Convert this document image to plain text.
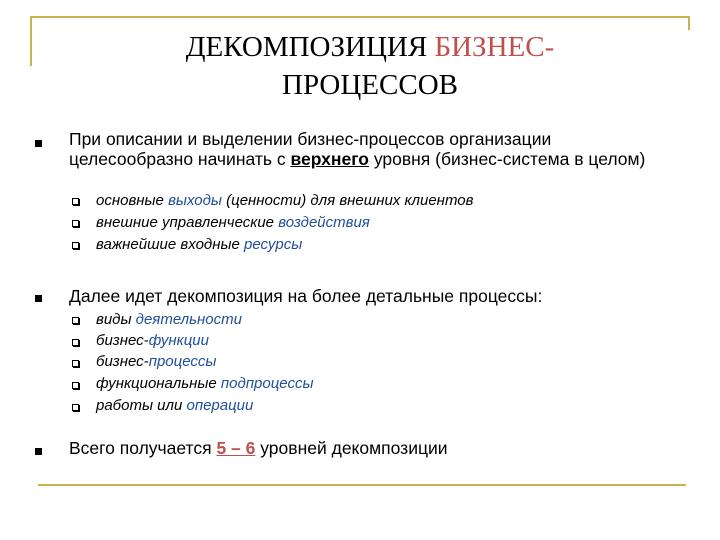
ДЕКОМПОЗИЦИЯ БИЗНЕС-
ПРОЦЕССОВ
При описании и выделении бизнес-процессов организации целесообразно начинать с верхнего уровня (бизнес-система в целом)
основные выходы (ценности) для внешних клиентов
внешние управленческие воздействия
важнейшие входные ресурсы
Далее идет декомпозиция на более детальные процессы:
виды деятельности
бизнес-функции
бизнес-процессы
функциональные подпроцессы
работы или операции
Всего получается 5 – 6 уровней декомпозиции
